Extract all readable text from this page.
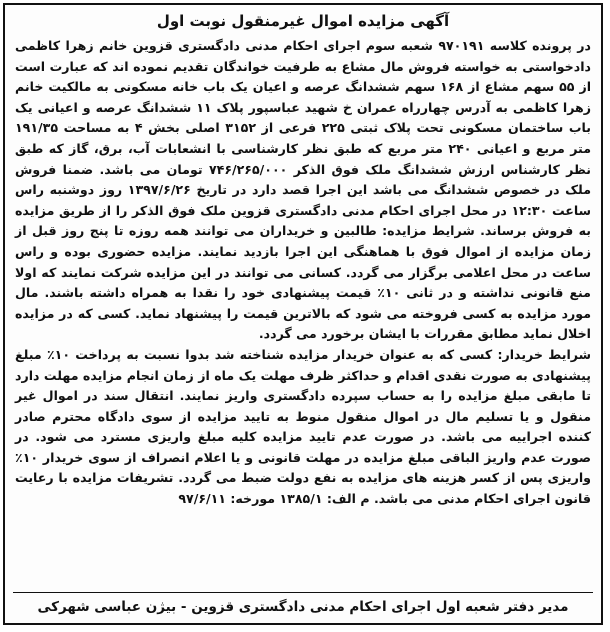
آگهی مزایده اموال غیرمنقول نوبت اول

در پرونده کلاسه ۹۷۰۱۹۱ شعبه سوم اجرای احکام مدنی دادگستری قزوین خانم زهرا کاظمی دادخواستی به خواسته فروش مال مشاع به طرفیت خواندگان تقدیم نموده اند که عبارت است از ۵۵ سهم مشاع از ۱۶۸ سهم ششدانگ عرصه و اعیان یک باب خانه مسکونی به مالکیت خانم زهرا کاظمی به آدرس چهارراه عمران خ شهید عباسپور پلاک ۱۱ ششدانگ عرصه و اعیانی یک باب ساختمان مسکونی تحت پلاک ثبتی ۲۲۵ فرعی از ۳۱۵۲ اصلی بخش ۴ به مساحت ۱۹۱/۳۵ متر مربع و اعیانی ۲۴۰ متر مربع که طبق نظر کارشناسی با انشعابات آب، برق، گاز که طبق نظر کارشناس ارزش ششدانگ ملک فوق الذکر ۷۴۶/۲۶۵/۰۰۰ تومان می باشد. ضمنا فروش ملک در خصوص ششدانگ می باشد این اجرا قصد دارد در تاریخ ۱۳۹۷/۶/۲۶ روز دوشنبه راس ساعت ۱۲:۳۰ در محل اجرای احکام مدنی دادگستری قزوین ملک فوق الذکر را از طریق مزایده به فروش برساند. شرایط مزایده: طالبین و خریداران می توانند همه روزه تا پنج روز قبل از زمان مزایده از اموال فوق با هماهنگی این اجرا بازدید نمایند. مزایده حضوری بوده و راس ساعت در محل اعلامی برگزار می گردد. کسانی می توانند در این مزایده شرکت نمایند که اولا منع قانونی نداشته و در ثانی ۱۰٪ قیمت پیشنهادی خود را نقدا به همراه داشته باشند. مال مورد مزایده به کسی فروخته می شود که بالاترین قیمت را پیشنهاد نماید. کسی که در مزایده اخلال نماید مطابق مقررات با ایشان برخورد می گردد.

شرایط خریدار: کسی که به عنوان خریدار مزایده شناخته شد بدوا نسبت به پرداخت ۱۰٪ مبلغ پیشنهادی به صورت نقدی اقدام و حداکثر ظرف مهلت یک ماه از زمان انجام مزایده مهلت دارد تا مابقی مبلغ مزایده را به حساب سپرده دادگستری واریز نمایند. انتقال سند در اموال غیر منقول و یا تسلیم مال در اموال منقول منوط به تایید مزایده از سوی دادگاه محترم صادر کننده اجراییه می باشد. در صورت عدم تایید مزایده کلیه مبلغ واریزی مسترد می شود. در صورت عدم واریز الباقی مبلغ مزایده در مهلت قانونی و یا اعلام انصراف از سوی خریدار ۱۰٪ واریزی پس از کسر هزینه های مزایده به نفع دولت ضبط می گردد. تشریفات مزایده با رعایت قانون اجرای احکام مدنی می باشد. م الف: ۱۳۸۵/۱ مورخه: ۹۷/۶/۱۱

مدیر دفتر شعبه اول اجرای احکام مدنی دادگستری قزوین - بیژن عباسی شهرکی
